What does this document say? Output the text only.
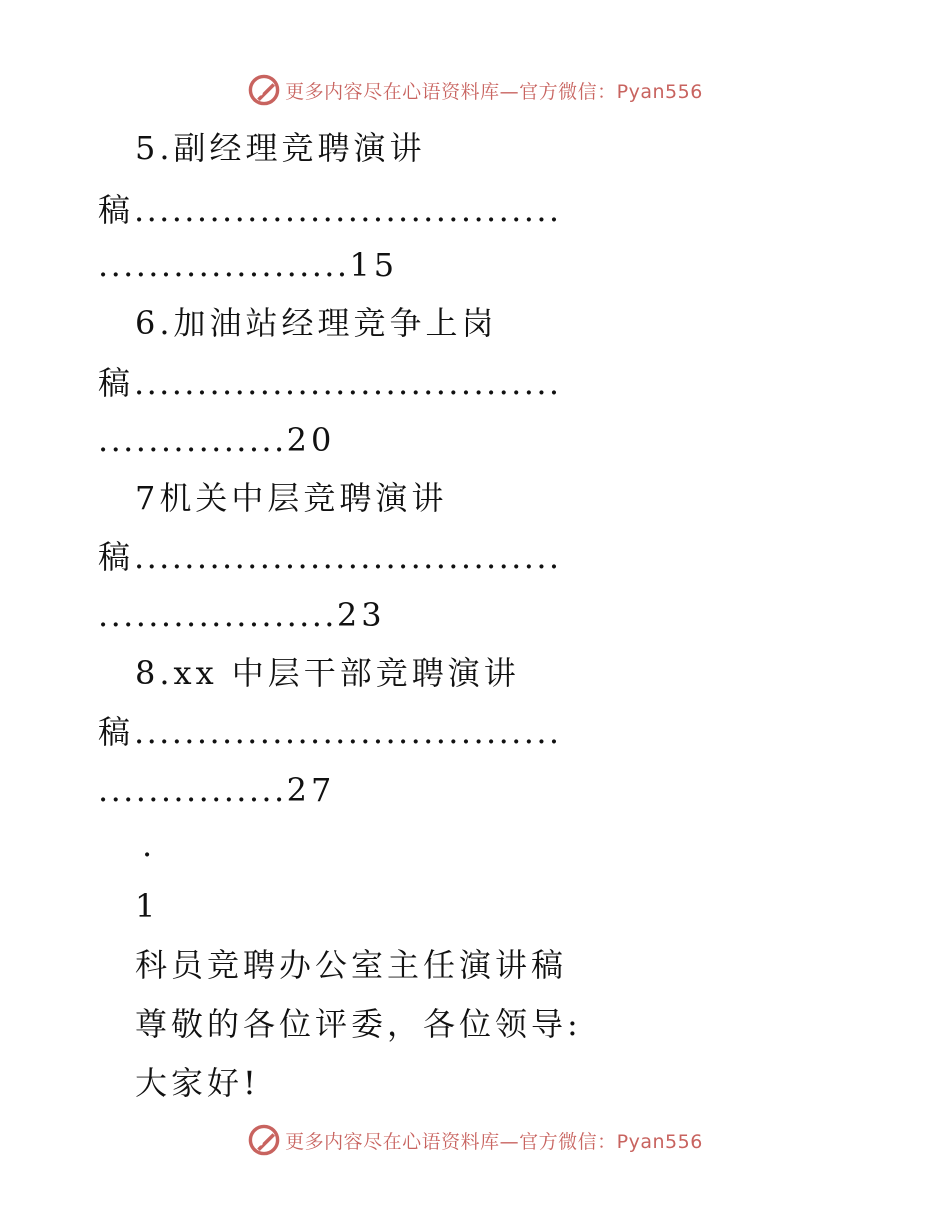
更多内容尽在心语资料库—官方微信：Pyan556
5.副经理竞聘演讲
稿..................................
....................15
6.加油站经理竞争上岗
稿..................................
...............20
7机关中层竞聘演讲
稿..................................
...................23
8.xx 中层干部竞聘演讲
稿..................................
...............27
.
1
科员竞聘办公室主任演讲稿
尊敬的各位评委，各位领导:
大家好!
更多内容尽在心语资料库—官方微信：Pyan556
